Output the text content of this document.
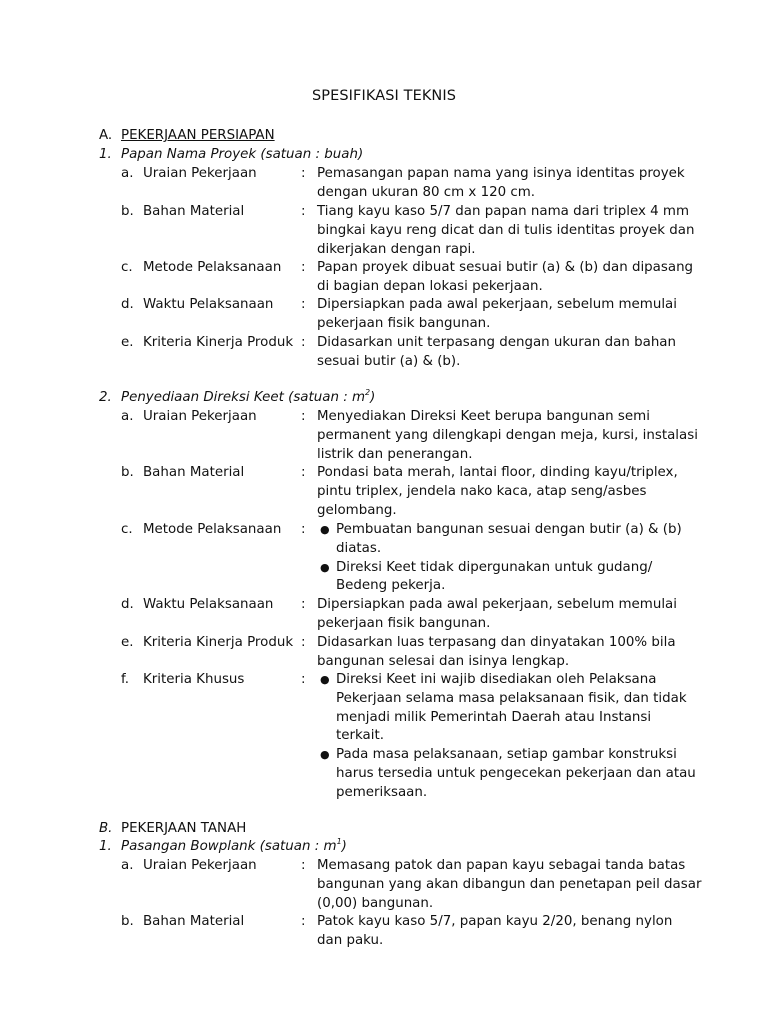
SPESIFIKASI TEKNIS
A. PEKERJAAN PERSIAPAN
1. Papan Nama Proyek (satuan : buah)
a. Uraian Pekerjaan	: Pemasangan papan nama yang isinya identitas proyek
dengan ukuran 80 cm x 120 cm.
b. Bahan Material	: Tiang kayu kaso 5/7 dan papan nama dari triplex 4 mm
bingkai kayu reng dicat dan di tulis identitas proyek dan
dikerjakan dengan rapi.
c. Metode Pelaksanaan : Papan proyek dibuat sesuai butir (a) & (b) dan dipasang
di bagian depan lokasi pekerjaan.
d. Waktu Pelaksanaan : Dipersiapkan pada awal pekerjaan, sebelum memulai
pekerjaan fisik bangunan.
e. Kriteria Kinerja Produk : Didasarkan unit terpasang dengan ukuran dan bahan
sesuai butir (a) & (b).
2. Penyediaan Direksi Keet (satuan : $m^2$)
a. Uraian Pekerjaan	: Menyediakan Direksi Keet berupa bangunan semi
permanent yang dilengkapi dengan meja, kursi, instalasi
listrik dan penerangan.
b. Bahan Material	: Pondasi bata merah, lantai floor, dinding kayu/triplex,
pintu triplex, jendela nako kaca, atap seng/asbes
gelombang.
c. Metode Pelaksanaan : ● Pembuatan bangunan sesuai dengan butir (a) & (b)
diatas.
● Direksi Keet tidak dipergunakan untuk gudang/
Bedeng pekerja.
d. Waktu Pelaksanaan : Dipersiapkan pada awal pekerjaan, sebelum memulai
pekerjaan fisik bangunan.
e. Kriteria Kinerja Produk : Didasarkan luas terpasang dan dinyatakan 100% bila
bangunan selesai dan isinya lengkap.
f. Kriteria Khusus	: ● Direksi Keet ini wajib disediakan oleh Pelaksana
Pekerjaan selama masa pelaksanaan fisik, dan tidak
menjadi milik Pemerintah Daerah atau Instansi
terkait.
● Pada masa pelaksanaan, setiap gambar konstruksi
harus tersedia untuk pengecekan pekerjaan dan atau
pemeriksaan.
B. PEKERJAAN TANAH
1. Pasangan Bowplank (satuan : $m^1$)
a. Uraian Pekerjaan	: Memasang patok dan papan kayu sebagai tanda batas
bangunan yang akan dibangun dan penetapan peil dasar
(0,00) bangunan.
b. Bahan Material	: Patok kayu kaso 5/7, papan kayu 2/20, benang nylon
dan paku.
